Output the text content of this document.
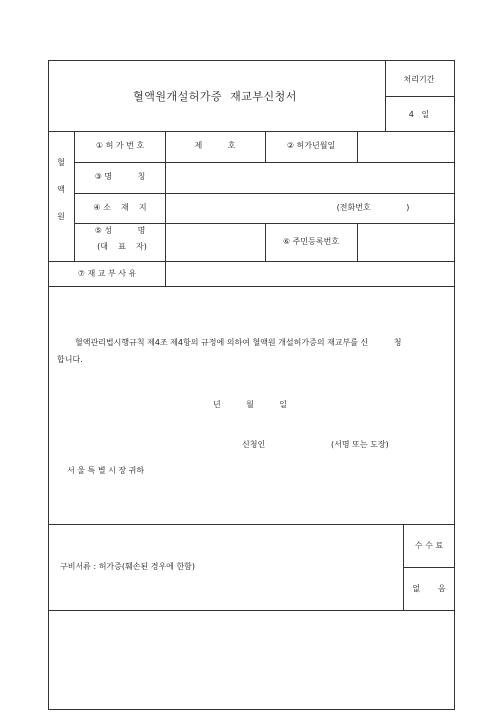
혈액원개설허가증  재교부신청서
처리기간
4   일
혈
액
원
① 허 가 번 호	제          호	② 허가년월일
③ 명          칭
④ 소    재    지	(전화번호              )
⑤ 성          명
(대    표    자)
⑥ 주민등록번호
⑦ 재 교 부 사 유
혈액관리법시행규칙 제4조 제4항의 규정에 의하여 혈액원 개설허가증의 재교부를 신          청
합니다.
년          월          일
신청인	(서명 또는 도장)
서 울 특 별 시 장 귀하
구비서류 : 허가증(훼손된 경우에 한함)
수 수 료
없       음
